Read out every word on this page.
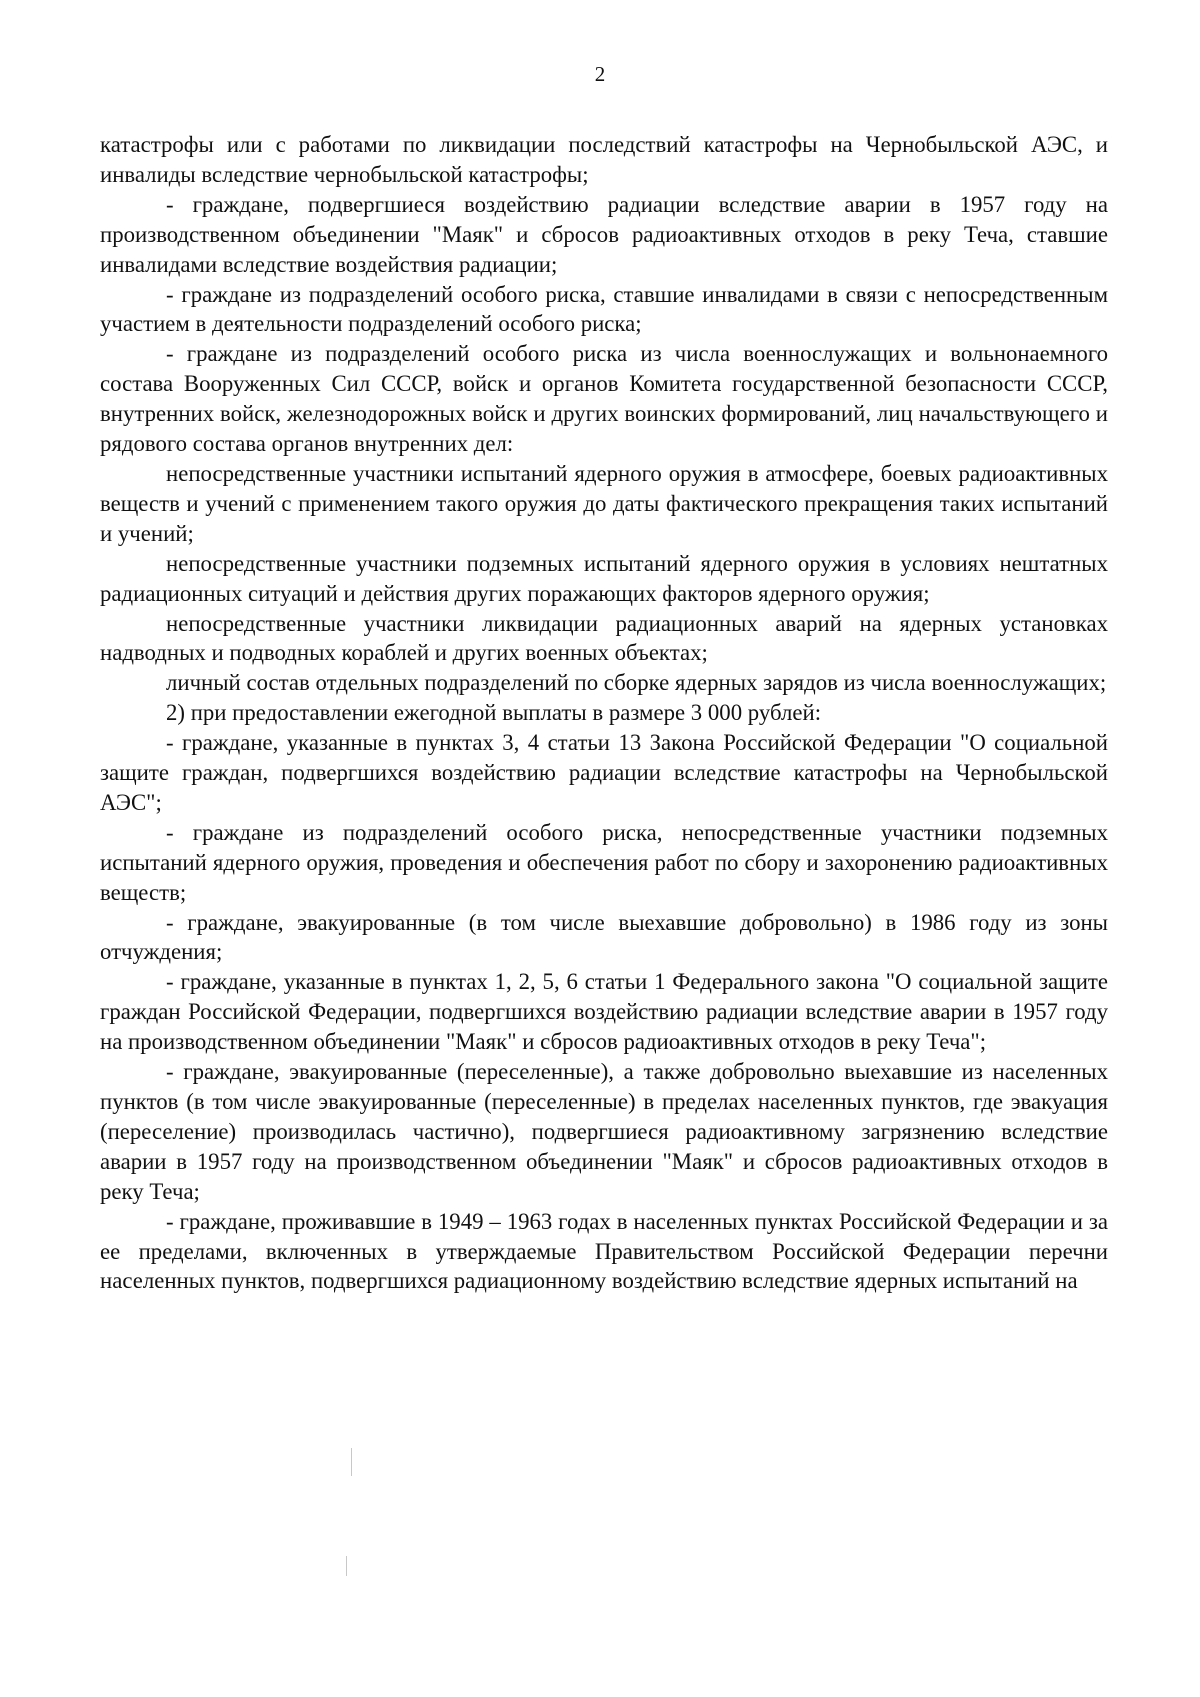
2

катастрофы или с работами по ликвидации последствий катастрофы на Чернобыльской АЭС, и инвалиды вследствие чернобыльской катастрофы;

- граждане, подвергшиеся воздействию радиации вследствие аварии в 1957 году на производственном объединении "Маяк" и сбросов радиоактивных отходов в реку Теча, ставшие инвалидами вследствие воздействия радиации;

- граждане из подразделений особого риска, ставшие инвалидами в связи с непосредственным участием в деятельности подразделений особого риска;

- граждане из подразделений особого риска из числа военнослужащих и вольнонаемного состава Вооруженных Сил СССР, войск и органов Комитета государственной безопасности СССР, внутренних войск, железнодорожных войск и других воинских формирований, лиц начальствующего и рядового состава органов внутренних дел:

непосредственные участники испытаний ядерного оружия в атмосфере, боевых радиоактивных веществ и учений с применением такого оружия до даты фактического прекращения таких испытаний и учений;

непосредственные участники подземных испытаний ядерного оружия в условиях нештатных радиационных ситуаций и действия других поражающих факторов ядерного оружия;

непосредственные участники ликвидации радиационных аварий на ядерных установках надводных и подводных кораблей и других военных объектах;

личный состав отдельных подразделений по сборке ядерных зарядов из числа военнослужащих;

2) при предоставлении ежегодной выплаты в размере 3 000 рублей:

- граждане, указанные в пунктах 3, 4 статьи 13 Закона Российской Федерации "О социальной защите граждан, подвергшихся воздействию радиации вследствие катастрофы на Чернобыльской АЭС";

- граждане из подразделений особого риска, непосредственные участники подземных испытаний ядерного оружия, проведения и обеспечения работ по сбору и захоронению радиоактивных веществ;

- граждане, эвакуированные (в том числе выехавшие добровольно) в 1986 году из зоны отчуждения;

- граждане, указанные в пунктах 1, 2, 5, 6 статьи 1 Федерального закона "О социальной защите граждан Российской Федерации, подвергшихся воздействию радиации вследствие аварии в 1957 году на производственном объединении "Маяк" и сбросов радиоактивных отходов в реку Теча";

- граждане, эвакуированные (переселенные), а также добровольно выехавшие из населенных пунктов (в том числе эвакуированные (переселенные) в пределах населенных пунктов, где эвакуация (переселение) производилась частично), подвергшиеся радиоактивному загрязнению вследствие аварии в 1957 году на производственном объединении "Маяк" и сбросов радиоактивных отходов в реку Теча;

- граждане, проживавшие в 1949 – 1963 годах в населенных пунктах Российской Федерации и за ее пределами, включенных в утверждаемые Правительством Российской Федерации перечни населенных пунктов, подвергшихся радиационному воздействию вследствие ядерных испытаний на
